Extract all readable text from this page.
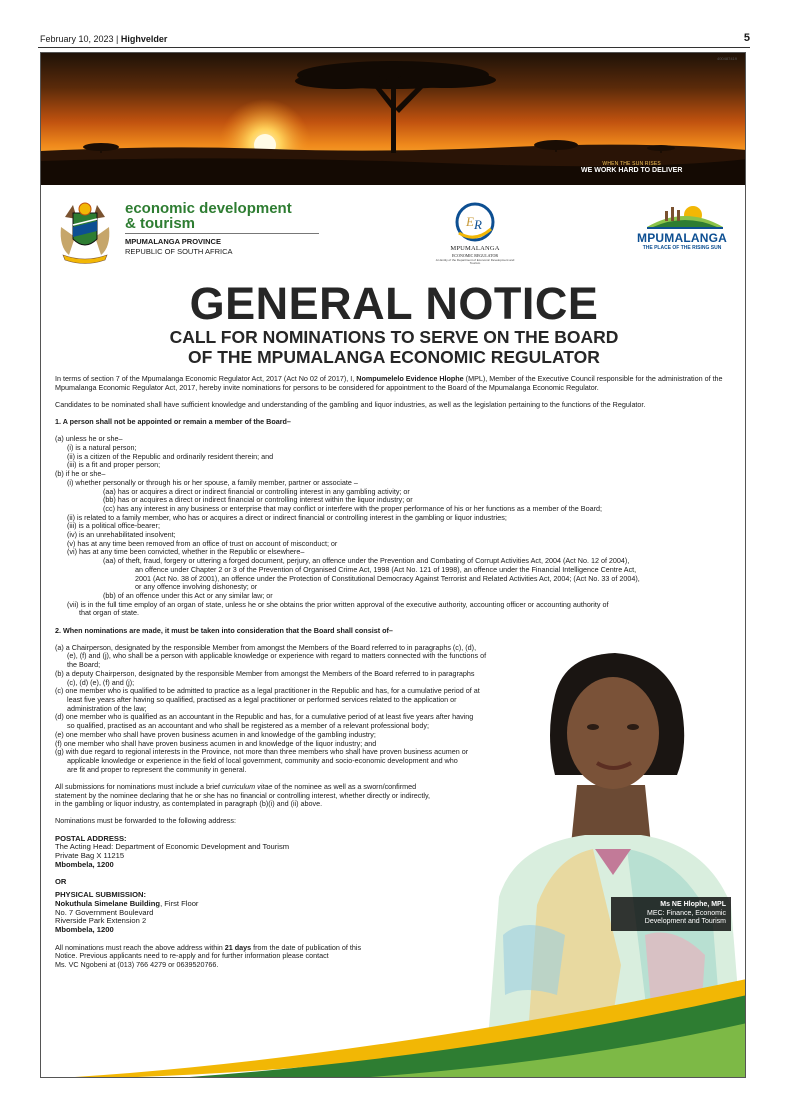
February 10, 2023 | Highvelder	5
400487419
WHEN THE SUN RISES
WE WORK HARD TO DELIVER
economic development
& tourism
MPUMALANGA PROVINCE
REPUBLIC OF SOUTH AFRICA
E R
MPUMALANGA
ECONOMIC REGULATOR
An Entity of the Department of Economic Development and Tourism
MPUMALANGA
THE PLACE OF THE RISING SUN
GENERAL NOTICE
CALL FOR NOMINATIONS TO SERVE ON THE BOARD
OF THE MPUMALANGA ECONOMIC REGULATOR

In terms of section 7 of the Mpumalanga Economic Regulator Act, 2017 (Act No 02 of 2017), I, Nompumelelo Evidence Hlophe (MPL), Member of the Executive Council responsible for the administration of the Mpumalanga Economic Regulator Act, 2017, hereby invite nominations for persons to be considered for appointment to the Board of the Mpumalanga Economic Regulator.

Candidates to be nominated shall have sufficient knowledge and understanding of the gambling and liquor industries, as well as the legislation pertaining to the functions of the Regulator.

1. A person shall not be appointed or remain a member of the Board–

(a) unless he or she–

(i) is a natural person;

(ii) is a citizen of the Republic and ordinarily resident therein; and

(iii) is a fit and proper person;

(b) if he or she–

(i) whether personally or through his or her spouse, a family member, partner or associate –

(aa) has or acquires a direct or indirect financial or controlling interest in any gambling activity; or

(bb) has or acquires a direct or indirect financial or controlling interest within the liquor industry; or

(cc) has any interest in any business or enterprise that may conflict or interfere with the proper performance of his or her functions as a member of the Board;

(ii) is related to a family member, who has or acquires a direct or indirect financial or controlling interest in the gambling or liquor industries;

(iii) is a political office-bearer;

(iv) is an unrehabilitated insolvent;

(v) has at any time been removed from an office of trust on account of misconduct; or

(vi) has at any time been convicted, whether in the Republic or elsewhere–

(aa) of theft, fraud, forgery or uttering a forged document, perjury, an offence under the Prevention and Combating of Corrupt Activities Act, 2004 (Act No. 12 of 2004),

an offence under Chapter 2 or 3 of the Prevention of Organised Crime Act, 1998 (Act No. 121 of 1998), an offence under the Financial Intelligence Centre Act,

2001 (Act No. 38 of 2001), an offence under the Protection of Constitutional Democracy Against Terrorist and Related Activities Act, 2004; (Act No. 33 of 2004),

or any offence involving dishonesty; or

(bb) of an offence under this Act or any similar law; or

(vii) is in the full time employ of an organ of state, unless he or she obtains the prior written approval of the executive authority, accounting officer or accounting authority of

that organ of state.

2. When nominations are made, it must be taken into consideration that the Board shall consist of–

(a) a Chairperson, designated by the responsible Member from amongst the Members of the Board referred to in paragraphs (c), (d),

(e), (f) and (j), who shall be a person with applicable knowledge or experience with regard to matters connected with the functions of

the Board;

(b) a deputy Chairperson, designated by the responsible Member from amongst the Members of the Board referred to in paragraphs

(c), (d) (e), (f) and (j);

(c) one member who is qualified to be admitted to practice as a legal practitioner in the Republic and has, for a cumulative period of at

least five years after having so qualified, practised as a legal practitioner or performed services related to the application or

administration of the law;

(d) one member who is qualified as an accountant in the Republic and has, for a cumulative period of at least five years after having

so qualified, practised as an accountant and who shall be registered as a member of a relevant professional body;

(e) one member who shall have proven business acumen in and knowledge of the gambling industry;

(f) one member who shall have proven business acumen in and knowledge of the liquor industry; and

(g) with due regard to regional interests in the Province, not more than three members who shall have proven business acumen or

applicable knowledge or experience in the field of local government, community and socio-economic development and who

are fit and proper to represent the community in general.

All submissions for nominations must include a brief curriculum vitae of the nominee as well as a sworn/confirmed

statement by the nominee declaring that he or she has no financial or controlling interest, whether directly or indirectly,

in the gambling or liquor industry, as contemplated in paragraph (b)(i) and (ii) above.

Nominations must be forwarded to the following address:

POSTAL ADDRESS:

The Acting Head: Department of Economic Development and Tourism

Private Bag X 11215

Mbombela, 1200

OR

PHYSICAL SUBMISSION:

Nokuthula Simelane Building, First Floor

No. 7 Government Boulevard

Riverside Park Extension 2

Mbombela, 1200

All nominations must reach the above address within 21 days from the date of publication of this

Notice. Previous applicants need to re-apply and for further information please contact

Ms. VC Ngobeni at (013) 766 4279 or 0639520766.

Ms NE Hlophe, MPL
MEC: Finance, Economic
Development and Tourism
